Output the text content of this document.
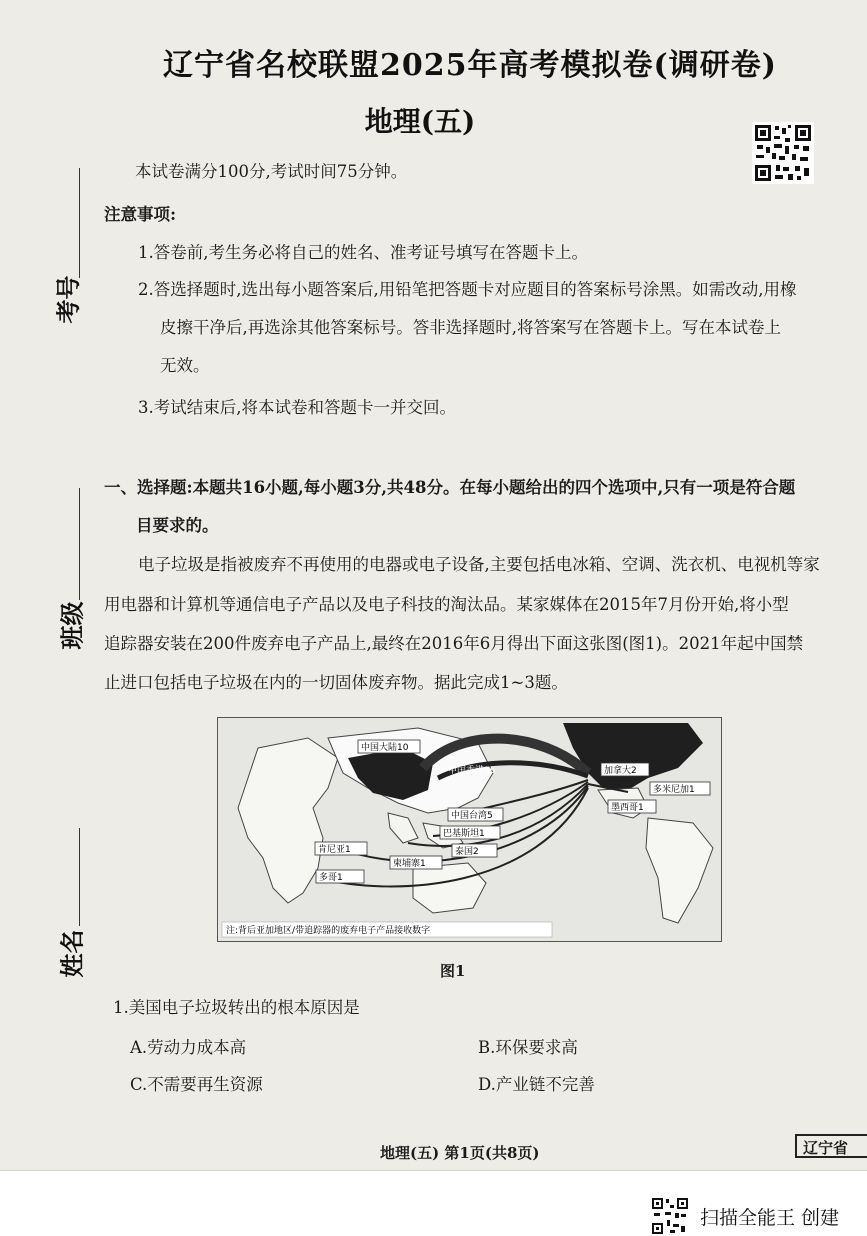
辽宁省名校联盟2025年高考模拟卷(调研卷)
地理(五)
本试卷满分100分,考试时间75分钟。
考号
班级
姓名
注意事项:
1.答卷前,考生务必将自己的姓名、准考证号填写在答题卡上。
2.答选择题时,选出每小题答案后,用铅笔把答题卡对应题目的答案标号涂黑。如需改动,用橡
皮擦干净后,再选涂其他答案标号。答非选择题时,将答案写在答题卡上。写在本试卷上
无效。
3.考试结束后,将本试卷和答题卡一并交回。
一、选择题:本题共16小题,每小题3分,共48分。在每小题给出的四个选项中,只有一项是符合题
目要求的。
电子垃圾是指被废弃不再使用的电器或电子设备,主要包括电冰箱、空调、洗衣机、电视机等家
用电器和计算机等通信电子产品以及电子科技的淘汰品。某家媒体在2015年7月份开始,将小型
追踪器安装在200件废弃电子产品上,最终在2016年6月得出下面这张图(图1)。2021年起中国禁
止进口包括电子垃圾在内的一切固体废弃物。据此完成1~3题。
中国大陆10
中国香港36	加拿大2
多米尼加1
墨西哥1
中国台湾5
巴基斯坦1
泰国2
柬埔寨1
肯尼亚1
多哥1
注:背后亚加地区/带追踪器的废弃电子产品接收数字
图1
1.美国电子垃圾转出的根本原因是
A.劳动力成本高	B.环保要求高
C.不需要再生资源	D.产业链不完善
地理(五) 第1页(共8页)	辽宁省
扫描全能王 创建
